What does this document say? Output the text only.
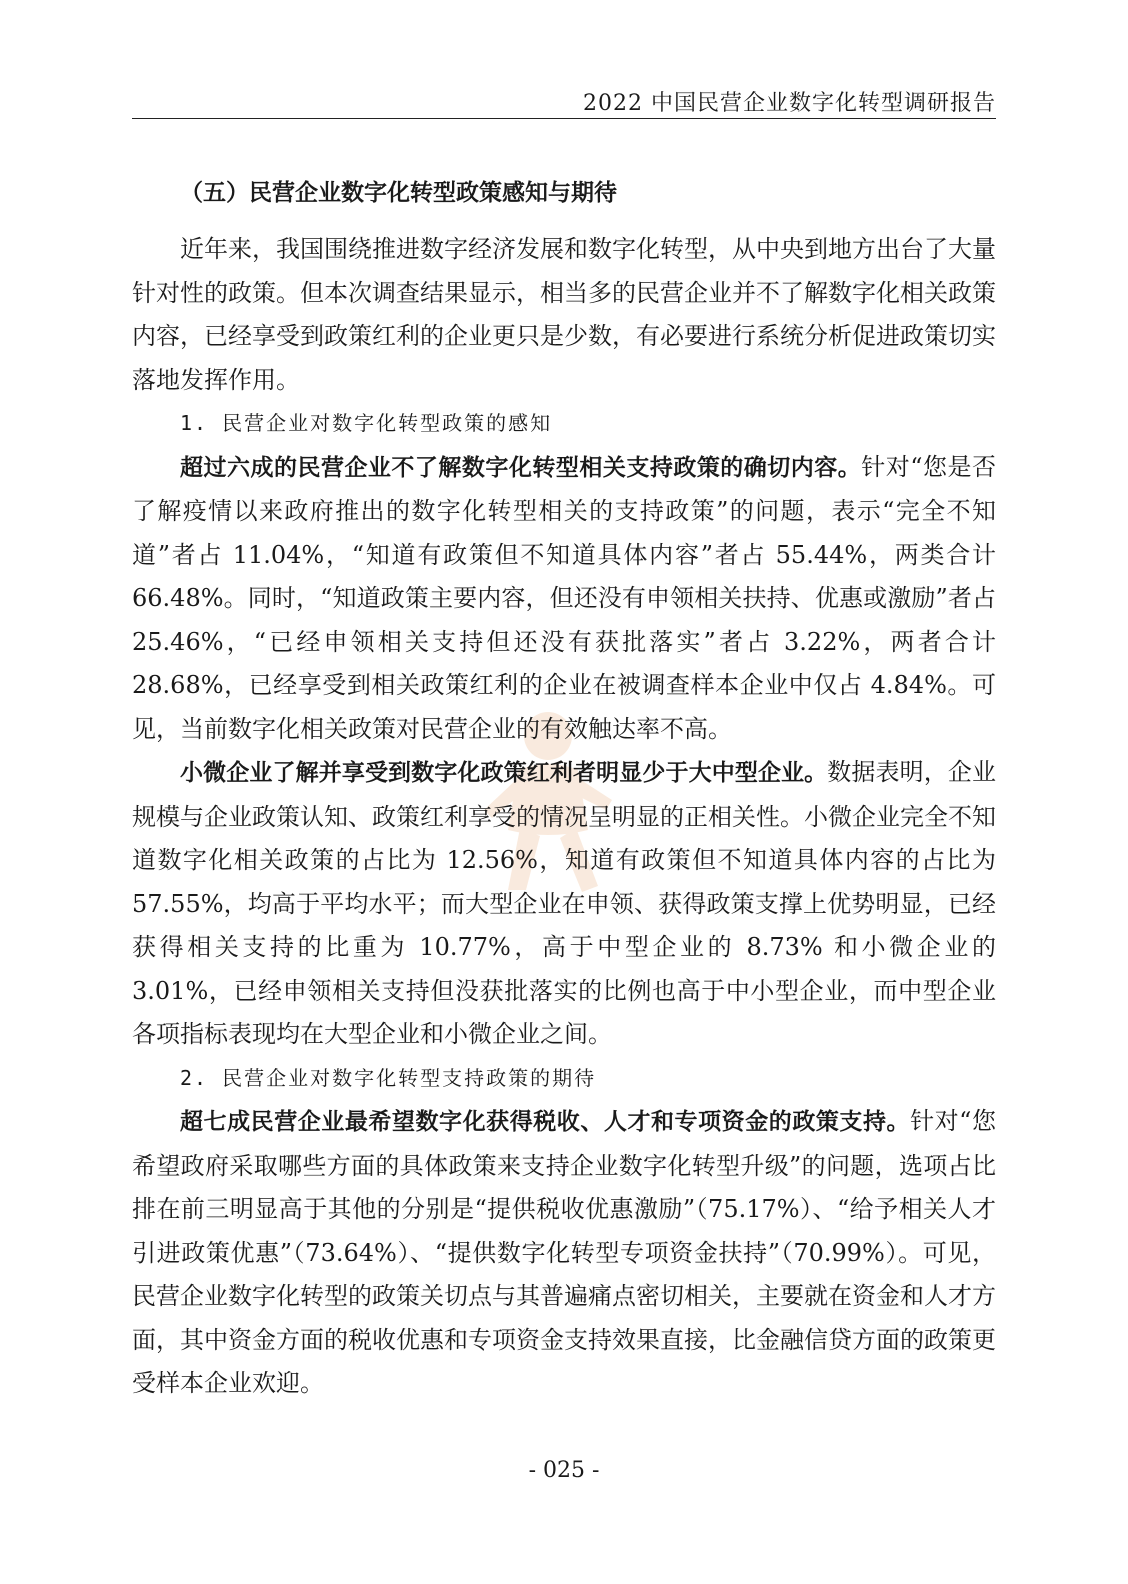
2022 中国民营企业数字化转型调研报告
（五）民营企业数字化转型政策感知与期待

近年来，我国围绕推进数字经济发展和数字化转型，从中央到地方出台了大量针对性的政策。但本次调查结果显示，相当多的民营企业并不了解数字化相关政策内容，已经享受到政策红利的企业更只是少数，有必要进行系统分析促进政策切实落地发挥作用。

1. 民营企业对数字化转型政策的感知

超过六成的民营企业不了解数字化转型相关支持政策的确切内容。针对“您是否了解疫情以来政府推出的数字化转型相关的支持政策”的问题，表示“完全不知道”者占 11.04%，“知道有政策但不知道具体内容”者占 55.44%，两类合计 66.48%。同时，“知道政策主要内容，但还没有申领相关扶持、优惠或激励”者占 25.46%，“已经申领相关支持但还没有获批落实”者占 3.22%，两者合计 28.68%，已经享受到相关政策红利的企业在被调查样本企业中仅占 4.84%。可见，当前数字化相关政策对民营企业的有效触达率不高。

小微企业了解并享受到数字化政策红利者明显少于大中型企业。数据表明，企业规模与企业政策认知、政策红利享受的情况呈明显的正相关性。小微企业完全不知道数字化相关政策的占比为 12.56%，知道有政策但不知道具体内容的占比为 57.55%，均高于平均水平；而大型企业在申领、获得政策支撑上优势明显，已经获得相关支持的比重为 10.77%，高于中型企业的 8.73% 和小微企业的 3.01%，已经申领相关支持但没获批落实的比例也高于中小型企业，而中型企业各项指标表现均在大型企业和小微企业之间。

2. 民营企业对数字化转型支持政策的期待

超七成民营企业最希望数字化获得税收、人才和专项资金的政策支持。针对“您希望政府采取哪些方面的具体政策来支持企业数字化转型升级”的问题，选项占比排在前三明显高于其他的分别是“提供税收优惠激励”（75.17%）、“给予相关人才引进政策优惠”（73.64%）、“提供数字化转型专项资金扶持”（70.99%）。可见，民营企业数字化转型的政策关切点与其普遍痛点密切相关，主要就在资金和人才方面，其中资金方面的税收优惠和专项资金支持效果直接，比金融信贷方面的政策更受样本企业欢迎。

- 025 -
